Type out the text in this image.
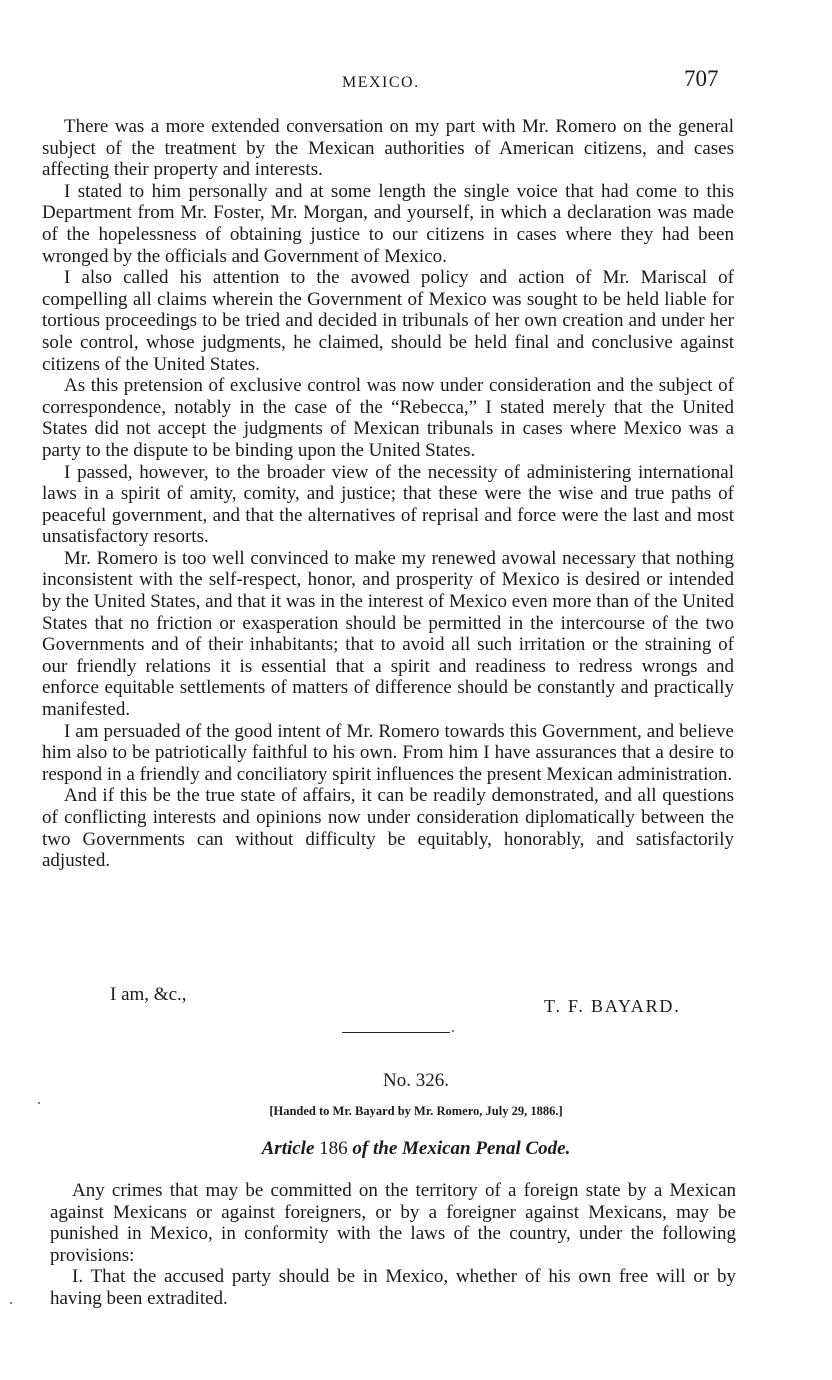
MEXICO.	707

There was a more extended conversation on my part with Mr. Romero on the general subject of the treatment by the Mexican authorities of American citizens, and cases affecting their property and interests.

I stated to him personally and at some length the single voice that had come to this Department from Mr. Foster, Mr. Morgan, and yourself, in which a declaration was made of the hopelessness of obtaining justice to our citizens in cases where they had been wronged by the officials and Government of Mexico.

I also called his attention to the avowed policy and action of Mr. Mariscal of compelling all claims wherein the Government of Mexico was sought to be held liable for tortious proceedings to be tried and decided in tribunals of her own creation and under her sole control, whose judgments, he claimed, should be held final and conclusive against citizens of the United States.

As this pretension of exclusive control was now under consideration and the subject of correspondence, notably in the case of the “Rebecca,” I stated merely that the United States did not accept the judgments of Mexican tribunals in cases where Mexico was a party to the dispute to be binding upon the United States.

I passed, however, to the broader view of the necessity of administering international laws in a spirit of amity, comity, and justice; that these were the wise and true paths of peaceful government, and that the alternatives of reprisal and force were the last and most unsatisfactory resorts.

Mr. Romero is too well convinced to make my renewed avowal necessary that nothing inconsistent with the self-respect, honor, and prosperity of Mexico is desired or intended by the United States, and that it was in the interest of Mexico even more than of the United States that no friction or exasperation should be permitted in the intercourse of the two Governments and of their inhabitants; that to avoid all such irritation or the straining of our friendly relations it is essential that a spirit and readiness to redress wrongs and enforce equitable settlements of matters of difference should be constantly and practically manifested.

I am persuaded of the good intent of Mr. Romero towards this Government, and believe him also to be patriotically faithful to his own. From him I have assurances that a desire to respond in a friendly and conciliatory spirit influences the present Mexican administration.

And if this be the true state of affairs, it can be readily demonstrated, and all questions of conflicting interests and opinions now under consideration diplomatically between the two Governments can without difficulty be equitably, honorably, and satisfactorily adjusted.

I am, &c.,
T. F. BAYARD.
No. 326.
[Handed to Mr. Bayard by Mr. Romero, July 29, 1886.]
Article 186 of the Mexican Penal Code.

Any crimes that may be committed on the territory of a foreign state by a Mexican against Mexicans or against foreigners, or by a foreigner against Mexicans, may be punished in Mexico, in conformity with the laws of the country, under the following provisions:

I. That the accused party should be in Mexico, whether of his own free will or by having been extradited.
